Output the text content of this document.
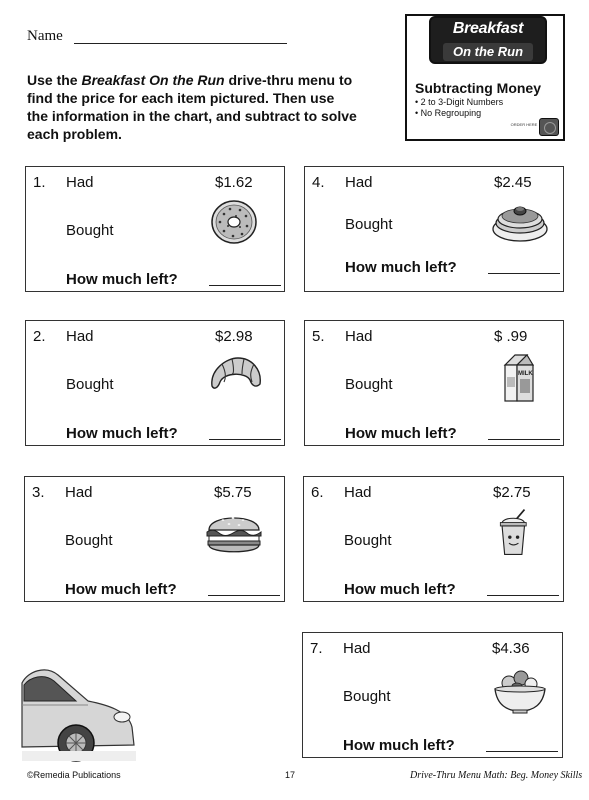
Name
Use the Breakfast On the Run drive-thru menu to find the price for each item pictured. Then use the information in the chart, and subtract to solve each problem.
Breakfast
On the Run
Subtracting Money
• 2 to 3-Digit Numbers
• No Regrouping
ORDER HERE
1. Had	$1.62
Bought
How much left?
4. Had	$2.45
Bought
How much left?
2. Had	$2.98
Bought
How much left?
5. Had	$ .99
Bought
How much left?
MILK
3. Had	$5.75
Bought
How much left?
6. Had	$2.75
Bought
How much left?
7. Had	$4.36
Bought
How much left?
©Remedia Publications	17	Drive-Thru Menu Math: Beg. Money Skills
